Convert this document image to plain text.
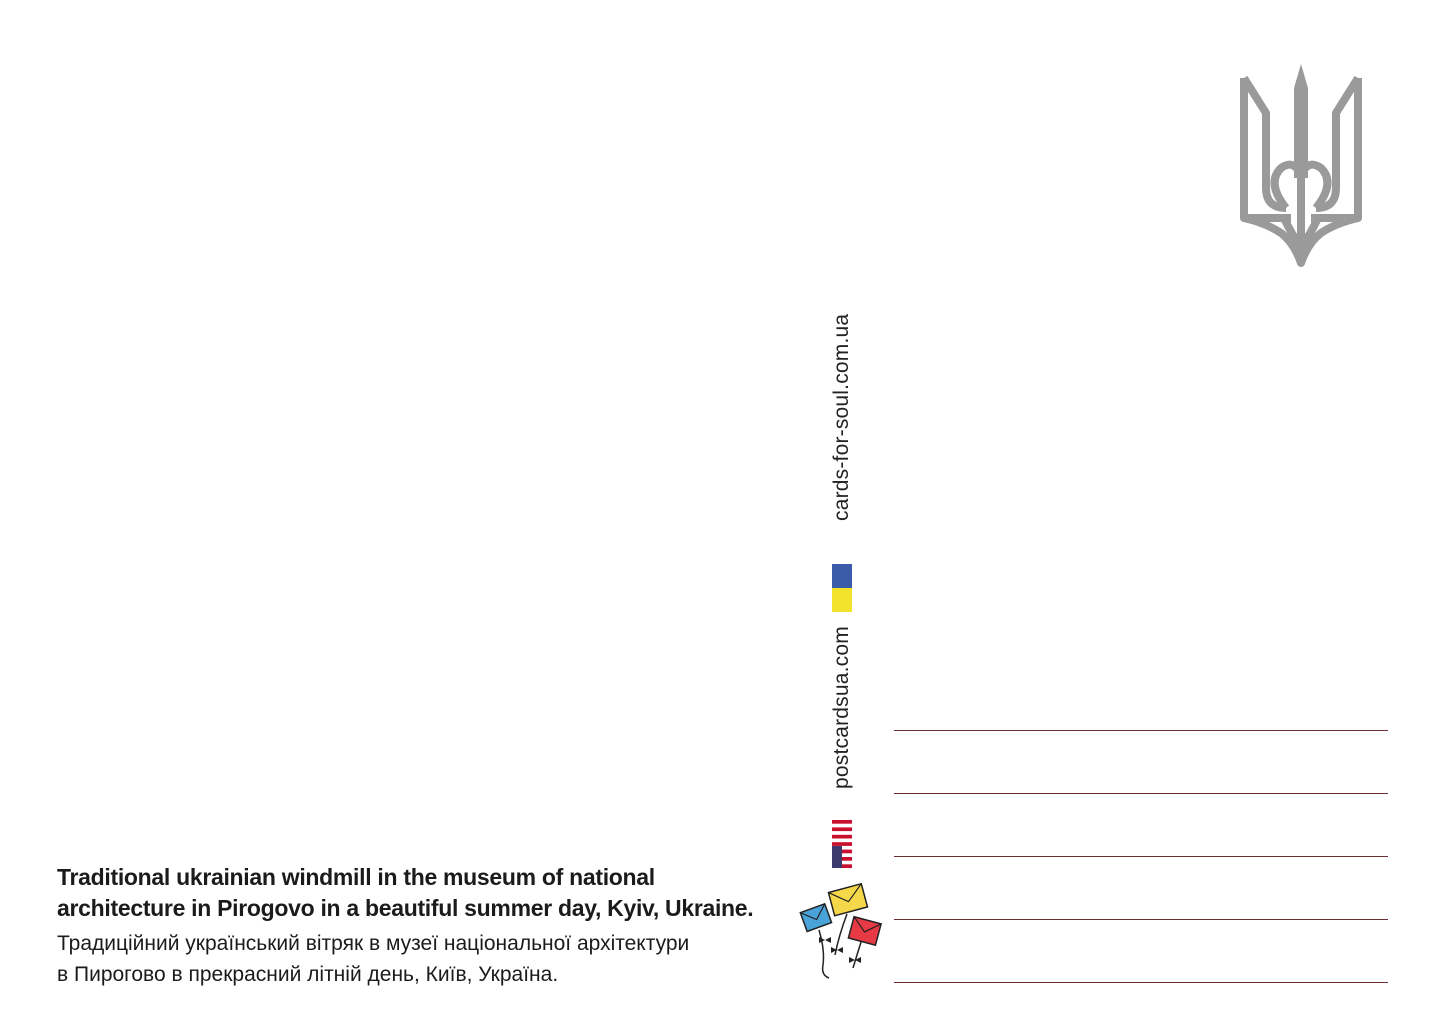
cards-for-soul.com.ua
postcardsua.com

Traditional ukrainian windmill in the museum of national
architecture in Pirogovo in a beautiful summer day, Kyiv, Ukraine.

Традиційний український вітряк в музеї національної архітектури
в Пирогово в прекрасний літній день, Київ, Україна.
